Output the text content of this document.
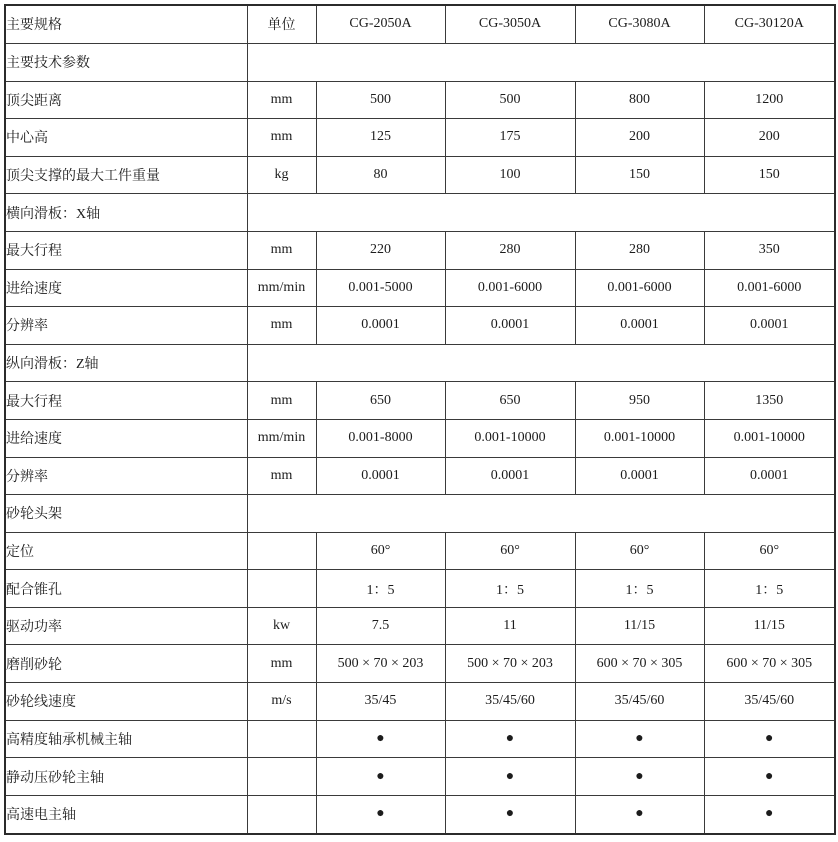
主要规格	单位	CG-2050A	CG-3050A	CG-3080A	CG-30120A
主要技术参数					
顶尖距离	mm	500	500	800	1200
中心高	mm	125	175	200	200
顶尖支撑的最大工件重量	kg	80	100	150	150
横向滑板：X轴					
最大行程	mm	220	280	280	350
进给速度	mm/min	0.001-5000	0.001-6000	0.001-6000	0.001-6000
分辨率	mm	0.0001	0.0001	0.0001	0.0001
纵向滑板：Z轴					
最大行程	mm	650	650	950	1350
进给速度	mm/min	0.001-8000	0.001-10000	0.001-10000	0.001-10000
分辨率	mm	0.0001	0.0001	0.0001	0.0001
砂轮头架					
定位		60°	60°	60°	60°
配合锥孔		1：5	1：5	1：5	1：5
驱动功率	kw	7.5	11	11/15	11/15
磨削砂轮	mm	500 × 70 × 203	500 × 70 × 203	600 × 70 × 305	600 × 70 × 305
砂轮线速度	m/s	35/45	35/45/60	35/45/60	35/45/60
高精度轴承机械主轴		●	●	●	●
静动压砂轮主轴		●	●	●	●
高速电主轴		●	●	●	●
